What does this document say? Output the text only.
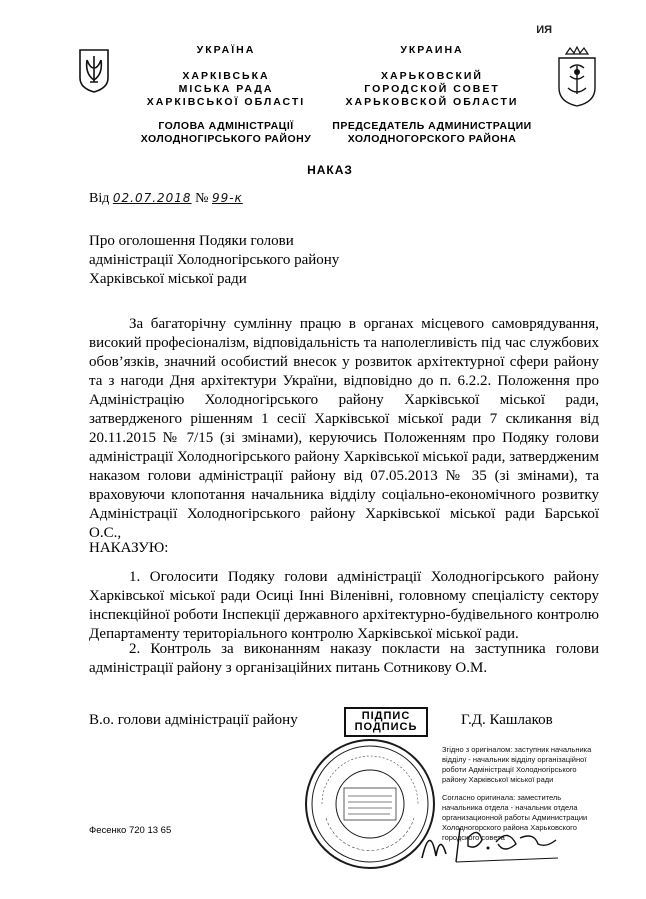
ИЯ
УКРАЇНА
ХАРКІВСЬКА
МІСЬКА РАДА
ХАРКІВСЬКОЇ ОБЛАСТІ
ГОЛОВА АДМІНІСТРАЦІЇ
ХОЛОДНОГІРСЬКОГО РАЙОНУ
УКРАИНА
ХАРЬКОВСКИЙ
ГОРОДСКОЙ СОВЕТ
ХАРЬКОВСКОЙ ОБЛАСТИ
ПРЕДСЕДАТЕЛЬ АДМИНИСТРАЦИИ
ХОЛОДНОГОРСКОГО РАЙОНА
НАКАЗ
Від 02.07.2018 № 99-к
Про оголошення Подяки голови адміністрації Холодногірського району Харківської міської ради
За багаторічну сумлінну працю в органах місцевого самоврядування, високий професіоналізм, відповідальність та наполегливість під час службових обов’язків, значний особистий внесок у розвиток архітектурної сфери району та з нагоди Дня архітектури України, відповідно до п. 6.2.2. Положення про Адміністрацію Холодногірського району Харківської міської ради, затвердженого рішенням 1 сесії Харківської міської ради 7 скликання від 20.11.2015 № 7/15 (зі змінами), керуючись Положенням про Подяку голови адміністрації Холодногірського району Харківської міської ради, затвердженим наказом голови адміністрації району від 07.05.2013 № 35 (зі змінами), та враховуючи клопотання начальника відділу соціально-економічного розвитку Адміністрації Холодногірського району Харківської міської ради Барської О.С.,
НАКАЗУЮ:
1. Оголосити Подяку голови адміністрації Холодногірського району Харківської міської ради Осиці Інні Віленівні, головному спеціалісту сектору інспекційної роботи Інспекції державного архітектурно-будівельного контролю Департаменту територіального контролю Харківської міської ради.
2. Контроль за виконанням наказу покласти на заступника голови адміністрації району з організаційних питань Сотникову О.М.
В.о. голови адміністрації району	ПІДПИС
ПОДПИСЬ	Г.Д. Кашлаков
Згідно з оригіналом: заступник начальника відділу - начальник відділу організаційної роботи Адміністрації Холодногірського району Харківської міської ради
Согласно оригинала: заместитель начальника отдела - начальник отдела организационной работы Администрации Холодногорского района Харьковского городского совета
Фесенко 720 13 65
